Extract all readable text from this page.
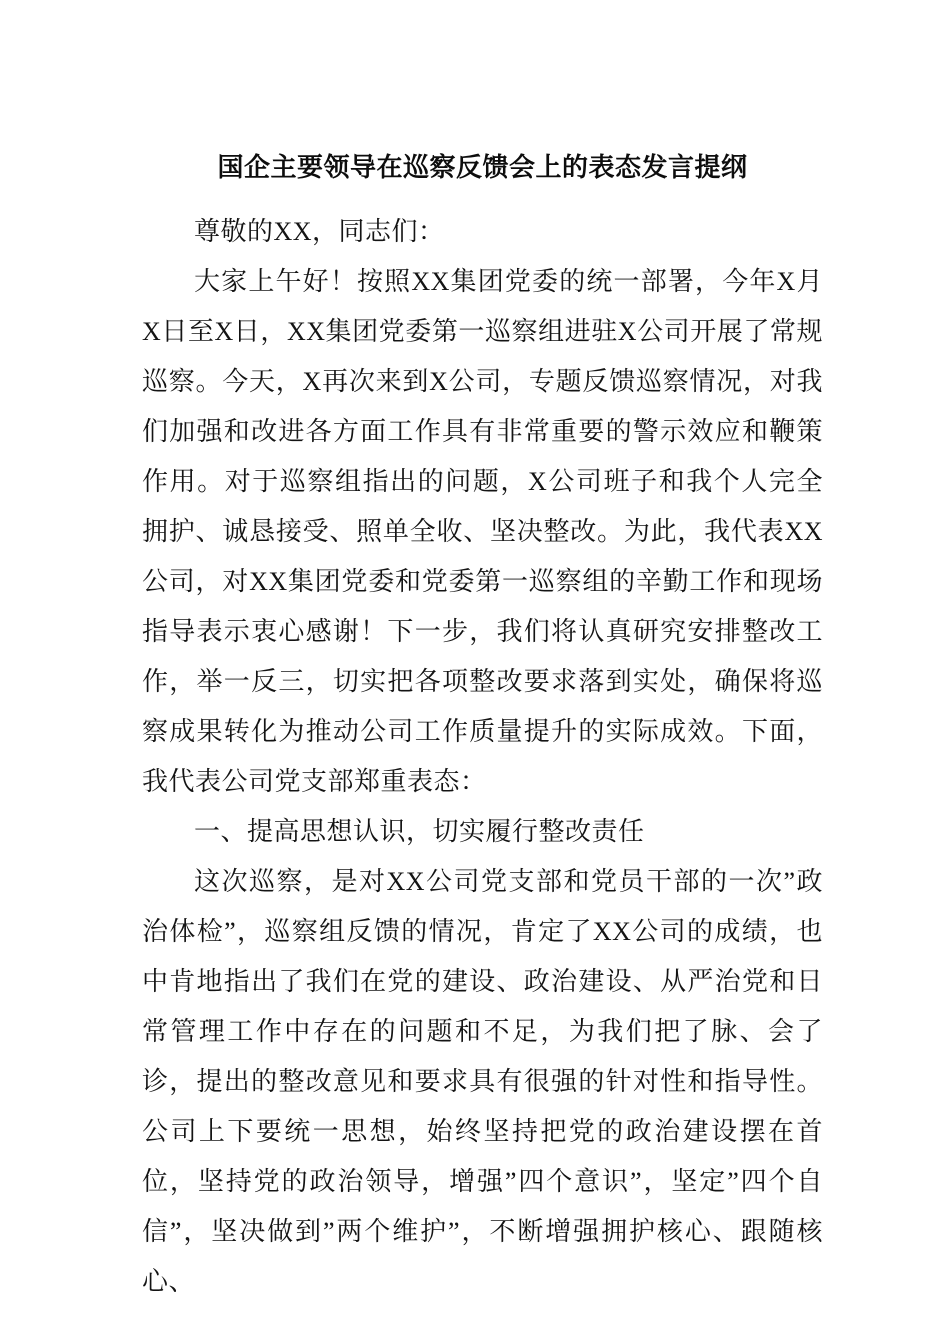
国企主要领导在巡察反馈会上的表态发言提纲

尊敬的XX，同志们：

大家上午好！按照XX集团党委的统一部署，今年X月X日至X日，XX集团党委第一巡察组进驻X公司开展了常规巡察。今天，X再次来到X公司，专题反馈巡察情况，对我们加强和改进各方面工作具有非常重要的警示效应和鞭策作用。对于巡察组指出的问题，X公司班子和我个人完全拥护、诚恳接受、照单全收、坚决整改。为此，我代表XX公司，对XX集团党委和党委第一巡察组的辛勤工作和现场指导表示衷心感谢！下一步，我们将认真研究安排整改工作，举一反三，切实把各项整改要求落到实处，确保将巡察成果转化为推动公司工作质量提升的实际成效。下面，我代表公司党支部郑重表态：

一、提高思想认识，切实履行整改责任

这次巡察，是对XX公司党支部和党员干部的一次”政治体检”，巡察组反馈的情况，肯定了XX公司的成绩，也中肯地指出了我们在党的建设、政治建设、从严治党和日常管理工作中存在的问题和不足，为我们把了脉、会了诊，提出的整改意见和要求具有很强的针对性和指导性。公司上下要统一思想，始终坚持把党的政治建设摆在首位，坚持党的政治领导，增强”四个意识”，坚定”四个自信”，坚决做到”两个维护”，不断增强拥护核心、跟随核心、
